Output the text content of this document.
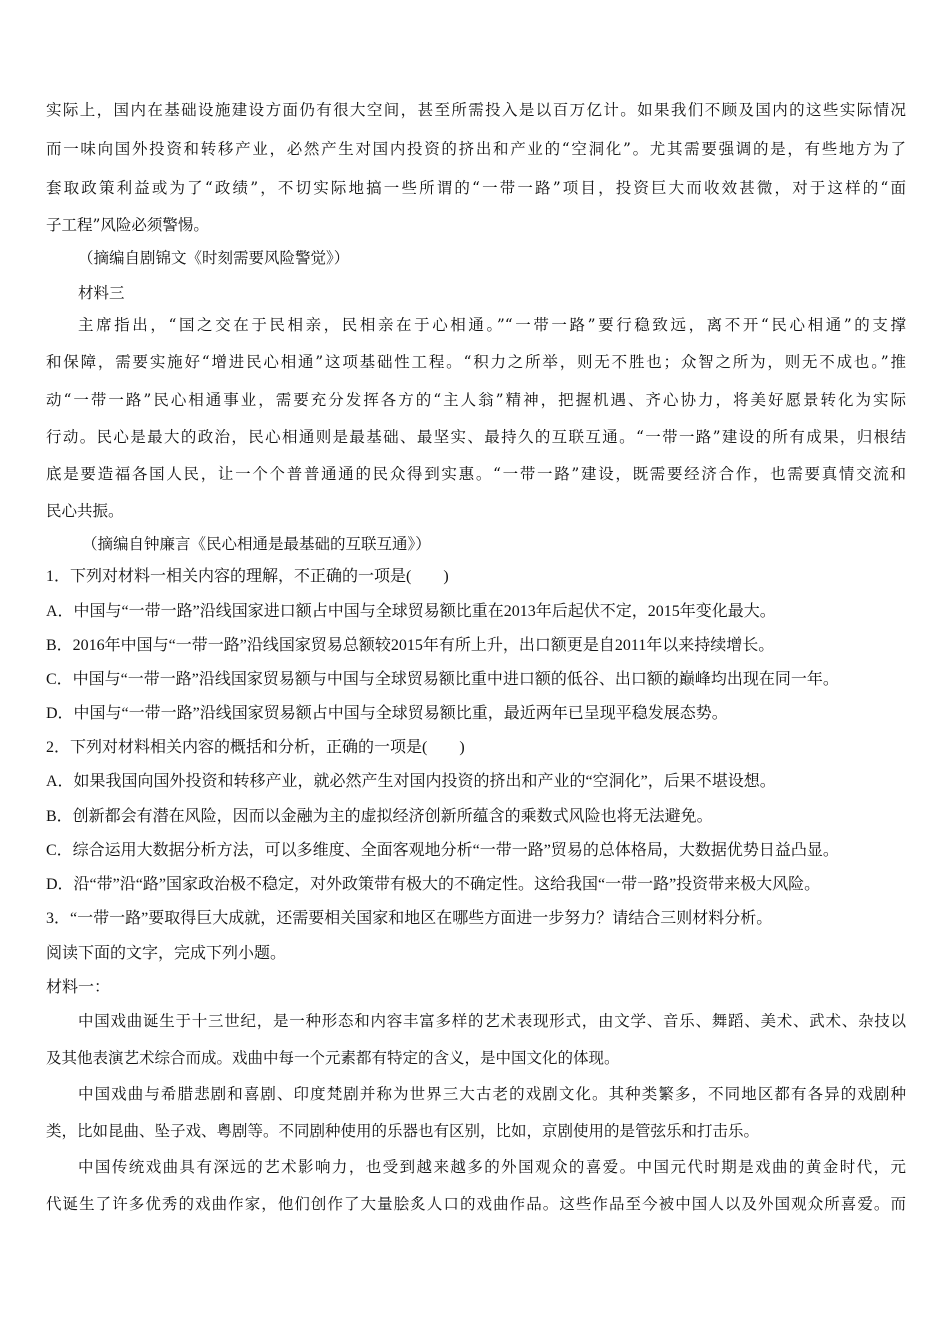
实际上，国内在基础设施建设方面仍有很大空间，甚至所需投入是以百万亿计。如果我们不顾及国内的这些实际情况
而一味向国外投资和转移产业，必然产生对国内投资的挤出和产业的“空洞化”。尤其需要强调的是，有些地方为了
套取政策利益或为了“政绩”，不切实际地搞一些所谓的“一带一路”项目，投资巨大而收效甚微，对于这样的“面
子工程”风险必须警惕。
（摘编自剧锦文《时刻需要风险警觉》）
材料三
主席指出，“国之交在于民相亲，民相亲在于心相通。”“一带一路”要行稳致远，离不开“民心相通”的支撑
和保障，需要实施好“增进民心相通”这项基础性工程。“积力之所举，则无不胜也；众智之所为，则无不成也。”推
动“一带一路”民心相通事业，需要充分发挥各方的“主人翁”精神，把握机遇、齐心协力，将美好愿景转化为实际
行动。民心是最大的政治，民心相通则是最基础、最坚实、最持久的互联互通。“一带一路”建设的所有成果，归根结
底是要造福各国人民，让一个个普普通通的民众得到实惠。“一带一路”建设，既需要经济合作，也需要真情交流和
民心共振。
（摘编自钟廉言《民心相通是最基础的互联互通》）
1．下列对材料一相关内容的理解，不正确的一项是(　　)
A．中国与“一带一路”沿线国家进口额占中国与全球贸易额比重在2013年后起伏不定，2015年变化最大。
B．2016年中国与“一带一路”沿线国家贸易总额较2015年有所上升，出口额更是自2011年以来持续增长。
C．中国与“一带一路”沿线国家贸易额与中国与全球贸易额比重中进口额的低谷、出口额的巅峰均出现在同一年。
D．中国与“一带一路”沿线国家贸易额占中国与全球贸易额比重，最近两年已呈现平稳发展态势。
2．下列对材料相关内容的概括和分析，正确的一项是(　　)
A．如果我国向国外投资和转移产业，就必然产生对国内投资的挤出和产业的“空洞化”，后果不堪设想。
B．创新都会有潜在风险，因而以金融为主的虚拟经济创新所蕴含的乘数式风险也将无法避免。
C．综合运用大数据分析方法，可以多维度、全面客观地分析“一带一路”贸易的总体格局，大数据优势日益凸显。
D．沿“带”沿“路”国家政治极不稳定，对外政策带有极大的不确定性。这给我国“一带一路”投资带来极大风险。
3．“一带一路”要取得巨大成就，还需要相关国家和地区在哪些方面进一步努力？请结合三则材料分析。
阅读下面的文字，完成下列小题。
材料一：
中国戏曲诞生于十三世纪，是一种形态和内容丰富多样的艺术表现形式，由文学、音乐、舞蹈、美术、武术、杂技以
及其他表演艺术综合而成。戏曲中每一个元素都有特定的含义，是中国文化的体现。
中国戏曲与希腊悲剧和喜剧、印度梵剧并称为世界三大古老的戏剧文化。其种类繁多，不同地区都有各异的戏剧种
类，比如昆曲、坠子戏、粤剧等。不同剧种使用的乐器也有区别，比如，京剧使用的是管弦乐和打击乐。
中国传统戏曲具有深远的艺术影响力，也受到越来越多的外国观众的喜爱。中国元代时期是戏曲的黄金时代，元
代诞生了许多优秀的戏曲作家，他们创作了大量脍炙人口的戏曲作品。这些作品至今被中国人以及外国观众所喜爱。而
